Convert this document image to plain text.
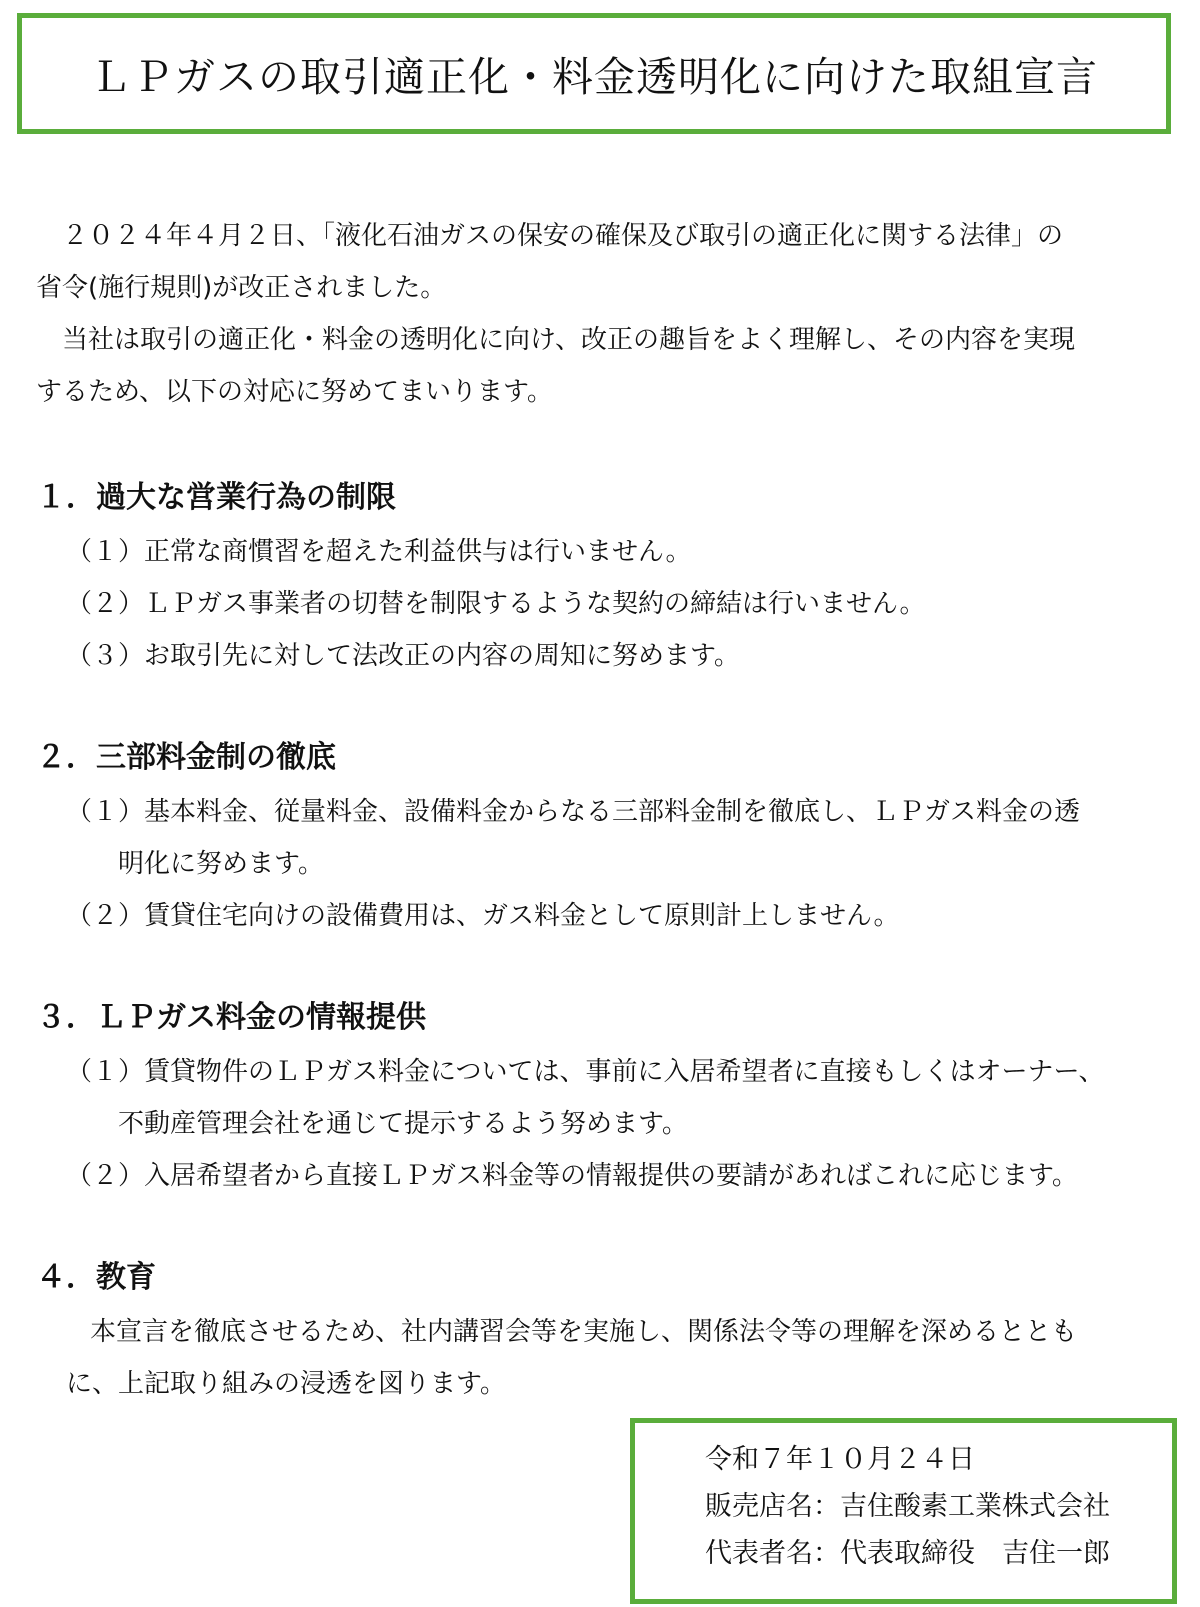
ＬＰガスの取引適正化・料金透明化に向けた取組宣言

　２０２４年４月２日、「液化石油ガスの保安の確保及び取引の適正化に関する法律」の

省令(施行規則)が改正されました。

　当社は取引の適正化・料金の透明化に向け、改正の趣旨をよく理解し、その内容を実現

するため、以下の対応に努めてまいります。

１．過大な営業行為の制限

（１）正常な商慣習を超えた利益供与は行いません。

（２）ＬＰガス事業者の切替を制限するような契約の締結は行いません。

（３）お取引先に対して法改正の内容の周知に努めます。

２．三部料金制の徹底

（１）基本料金、従量料金、設備料金からなる三部料金制を徹底し、ＬＰガス料金の透

明化に努めます。

（２）賃貸住宅向けの設備費用は、ガス料金として原則計上しません。

３．ＬＰガス料金の情報提供

（１）賃貸物件のＬＰガス料金については、事前に入居希望者に直接もしくはオーナー、

不動産管理会社を通じて提示するよう努めます。

（２）入居希望者から直接ＬＰガス料金等の情報提供の要請があればこれに応じます。

４．教育

本宣言を徹底させるため、社内講習会等を実施し、関係法令等の理解を深めるととも

に、上記取り組みの浸透を図ります。

令和７年１０月２４日

販売店名：吉住酸素工業株式会社

代表者名：代表取締役　吉住一郎
